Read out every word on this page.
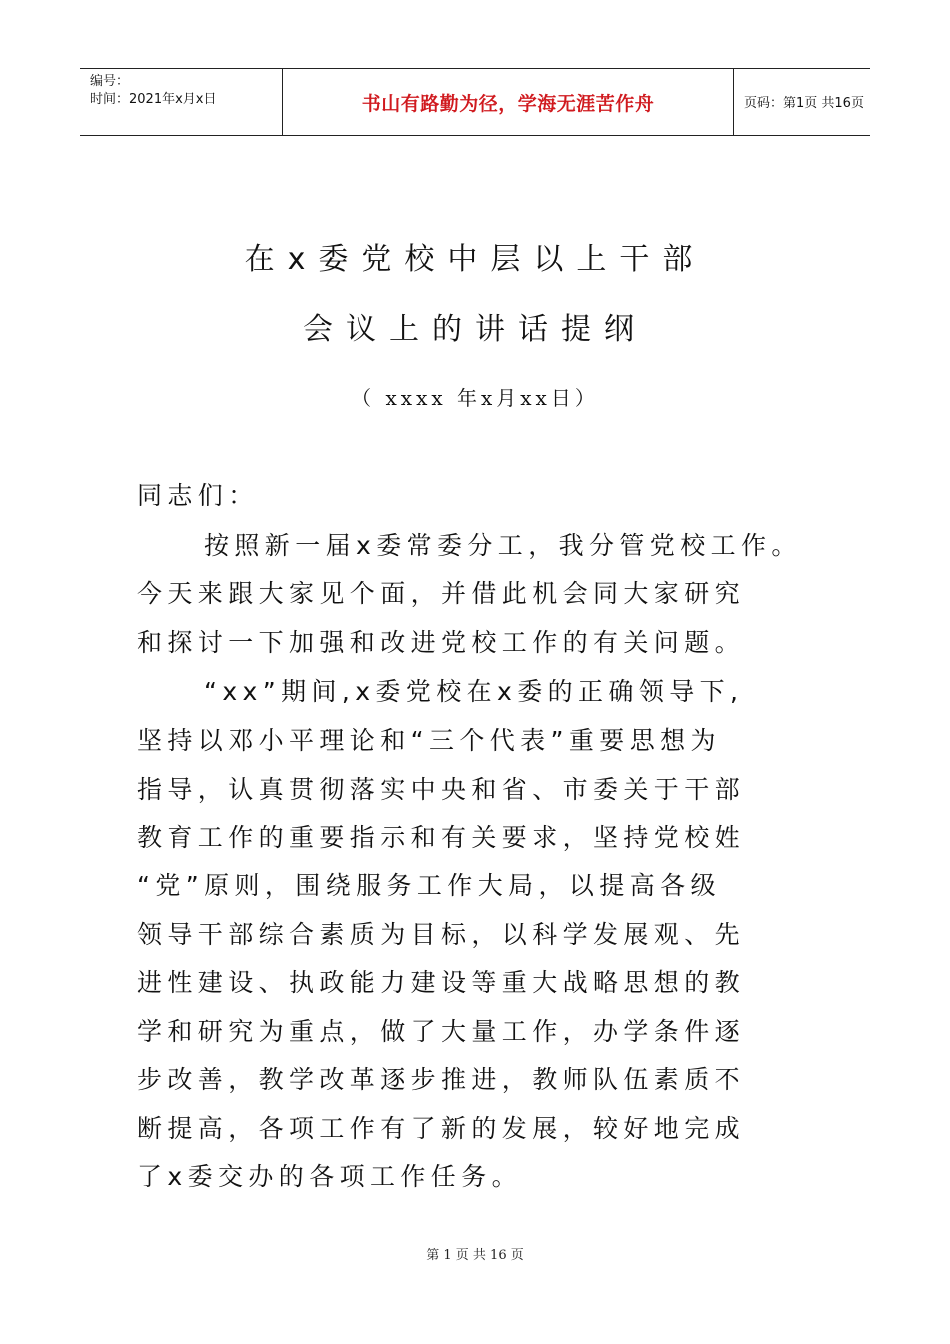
编号：
时间：2021年x月x日	书山有路勤为径，学海无涯苦作舟	页码：第1页 共16页
在x委党校中层以上干部
会议上的讲话提纲
（ xxxx 年x月xx日）
同志们：
按照新一届x委常委分工，我分管党校工作。
今天来跟大家见个面，并借此机会同大家研究
和探讨一下加强和改进党校工作的有关问题。
“xx”期间,x委党校在x委的正确领导下,
坚持以邓小平理论和“三个代表”重要思想为
指导，认真贯彻落实中央和省、市委关于干部
教育工作的重要指示和有关要求，坚持党校姓
“党”原则，围绕服务工作大局，以提高各级
领导干部综合素质为目标，以科学发展观、先
进性建设、执政能力建设等重大战略思想的教
学和研究为重点，做了大量工作，办学条件逐
步改善，教学改革逐步推进，教师队伍素质不
断提高，各项工作有了新的发展，较好地完成
了x委交办的各项工作任务。
第 1 页 共 16 页
